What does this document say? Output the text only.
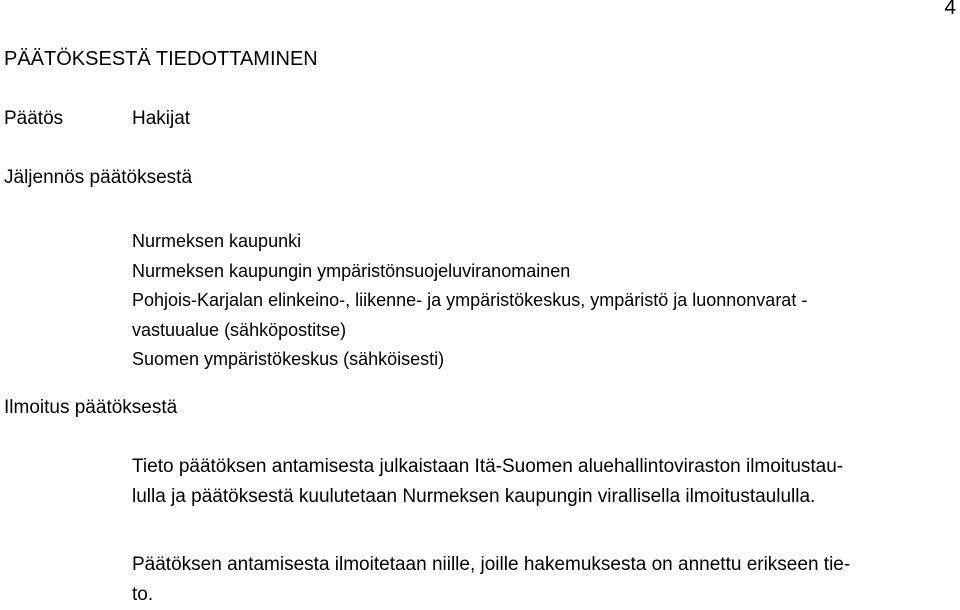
4
PÄÄTÖKSESTÄ TIEDOTTAMINEN
Päätös	Hakijat
Jäljennös päätöksestä
Nurmeksen kaupunki
Nurmeksen kaupungin ympäristönsuojeluviranomainen
Pohjois-Karjalan elinkeino-, liikenne- ja ympäristökeskus, ympäristö ja luonnonvarat -
vastuualue (sähköpostitse)
Suomen ympäristökeskus (sähköisesti)
Ilmoitus päätöksestä
Tieto päätöksen antamisesta julkaistaan Itä-Suomen aluehallintoviraston ilmoitustau-
lulla ja päätöksestä kuulutetaan Nurmeksen kaupungin virallisella ilmoitustaululla.
Päätöksen antamisesta ilmoitetaan niille, joille hakemuksesta on annettu erikseen tie-
to.
